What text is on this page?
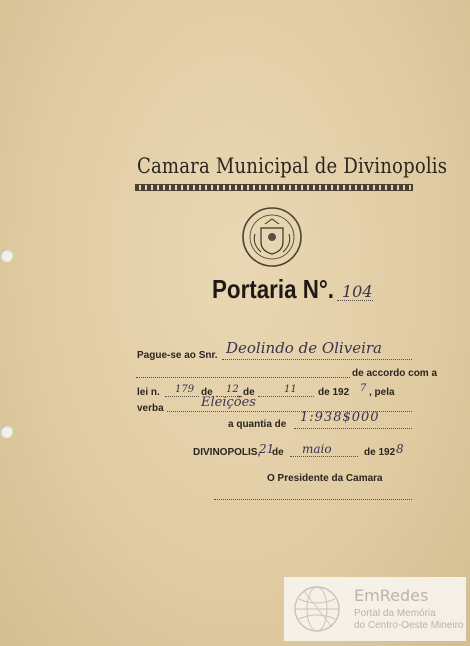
Camara Municipal de Divinopolis
Portaria N°. 104
Pague-se ao Snr. Deolindo de Oliveira
de accordo com a
lei n. 179 de 12 de	11 de 192 7 , pela
verba	Eleições
a quantia de 1:938$000
DIVINOPOLIS,
21
de maio	de 192 8
O Presidente da Camara
EmRedes
Portal da Memória
do Centro-Oeste Mineiro
